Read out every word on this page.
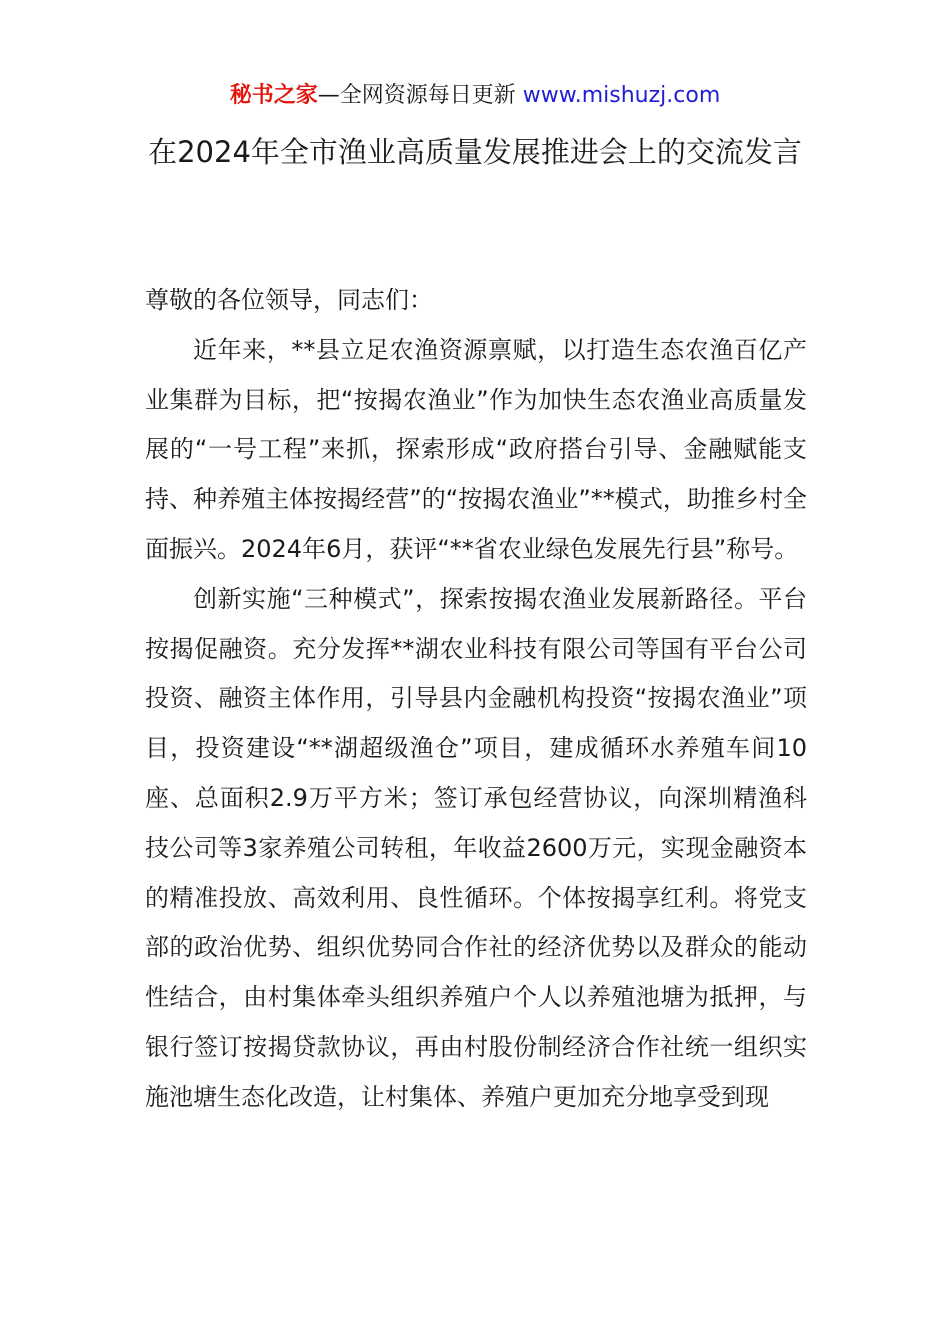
秘书之家—全网资源每日更新 www.mishuzj.com
在2024年全市渔业高质量发展推进会上的交流发言

尊敬的各位领导，同志们：

近年来，**县立足农渔资源禀赋，以打造生态农渔百亿产业集群为目标，把“按揭农渔业”作为加快生态农渔业高质量发展的“一号工程”来抓，探索形成“政府搭台引导、金融赋能支持、种养殖主体按揭经营”的“按揭农渔业”**模式，助推乡村全面振兴。2024年6月，获评“**省农业绿色发展先行县”称号。

创新实施“三种模式”，探索按揭农渔业发展新路径。平台按揭促融资。充分发挥**湖农业科技有限公司等国有平台公司投资、融资主体作用，引导县内金融机构投资“按揭农渔业”项目，投资建设“**湖超级渔仓”项目，建成循环水养殖车间10座、总面积2.9万平方米；签订承包经营协议，向深圳精渔科技公司等3家养殖公司转租，年收益2600万元，实现金融资本的精准投放、高效利用、良性循环。个体按揭享红利。将党支部的政治优势、组织优势同合作社的经济优势以及群众的能动性结合，由村集体牵头组织养殖户个人以养殖池塘为抵押，与银行签订按揭贷款协议，再由村股份制经济合作社统一组织实施池塘生态化改造，让村集体、养殖户更加充分地享受到现
